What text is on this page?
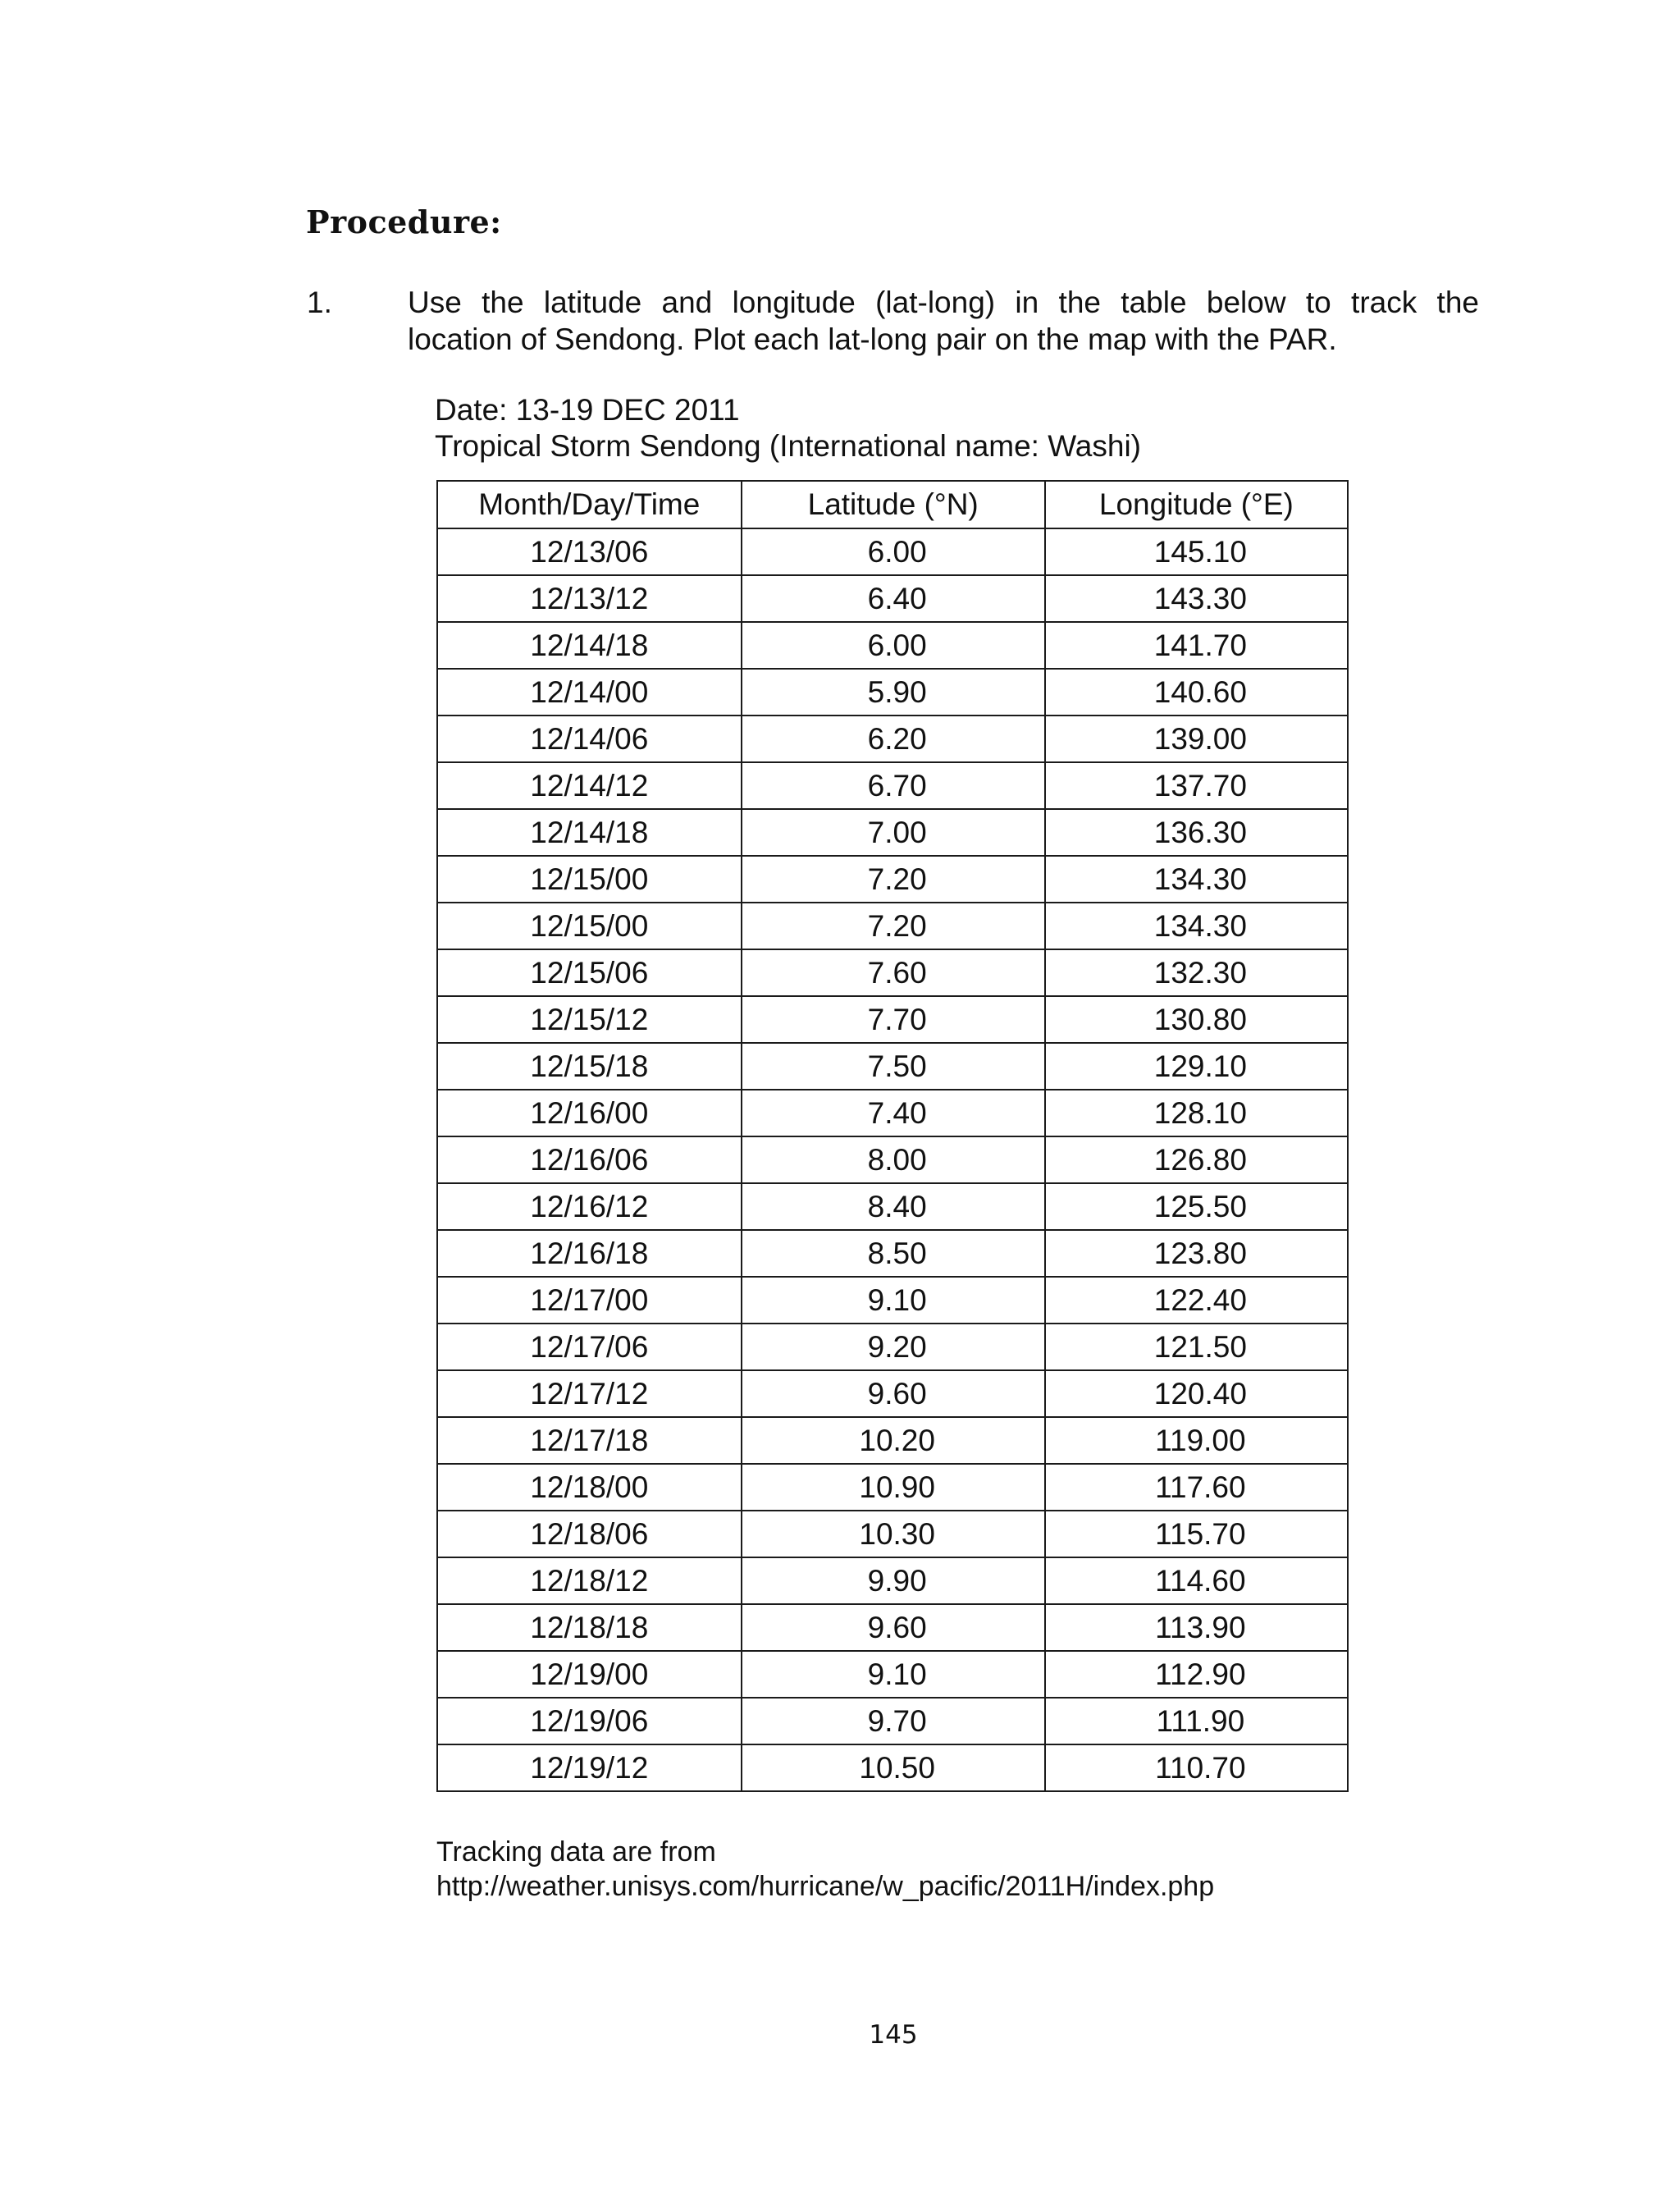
Procedure:
1. Use the latitude and longitude (lat-long) in the table below to track the
location of Sendong. Plot each lat-long pair on the map with the PAR.
Date: 13-19 DEC 2011
Tropical Storm Sendong (International name: Washi)
Month/Day/Time	Latitude (°N)	Longitude (°E)
12/13/06	6.00	145.10
12/13/12	6.40	143.30
12/14/18	6.00	141.70
12/14/00	5.90	140.60
12/14/06	6.20	139.00
12/14/12	6.70	137.70
12/14/18	7.00	136.30
12/15/00	7.20	134.30
12/15/00	7.20	134.30
12/15/06	7.60	132.30
12/15/12	7.70	130.80
12/15/18	7.50	129.10
12/16/00	7.40	128.10
12/16/06	8.00	126.80
12/16/12	8.40	125.50
12/16/18	8.50	123.80
12/17/00	9.10	122.40
12/17/06	9.20	121.50
12/17/12	9.60	120.40
12/17/18	10.20	119.00
12/18/00	10.90	117.60
12/18/06	10.30	115.70
12/18/12	9.90	114.60
12/18/18	9.60	113.90
12/19/00	9.10	112.90
12/19/06	9.70	111.90
12/19/12	10.50	110.70
Tracking data are from
http://weather.unisys.com/hurricane/w_pacific/2011H/index.php
145
